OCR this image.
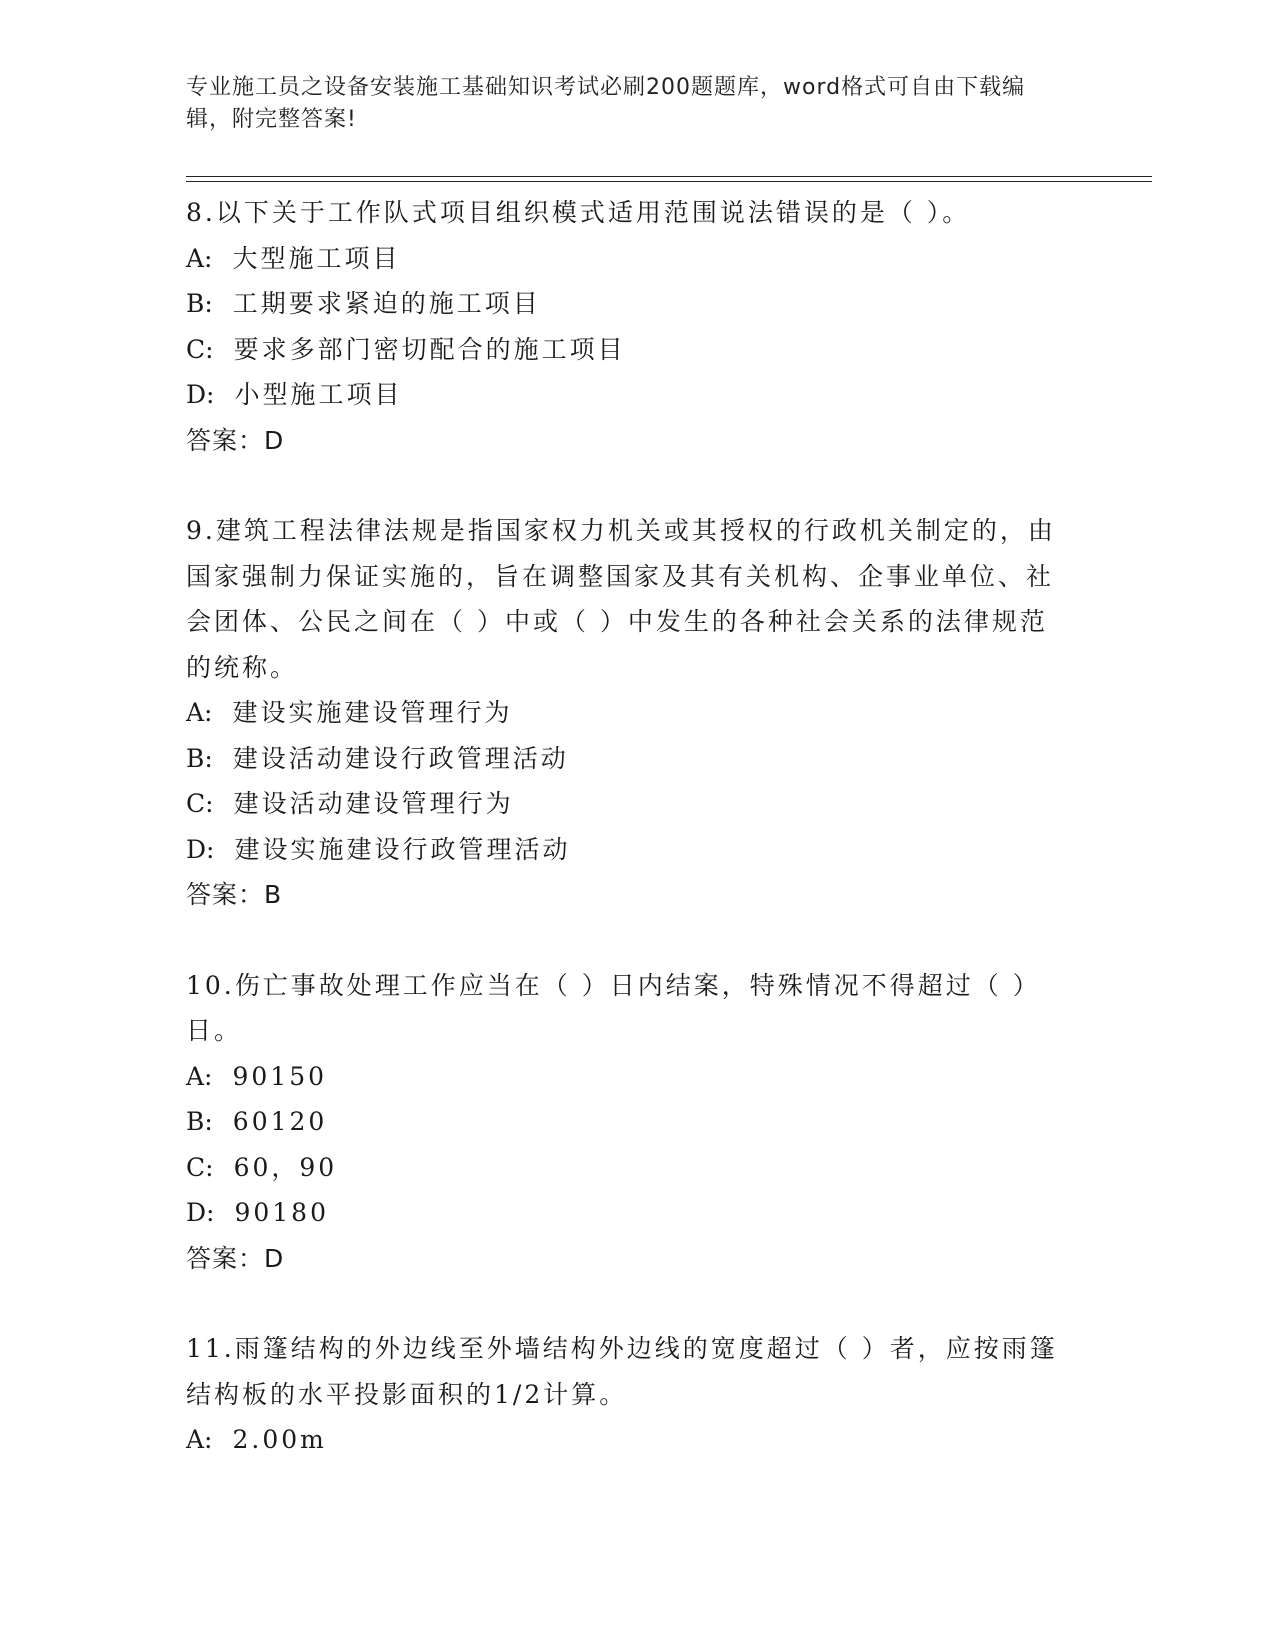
专业施工员之设备安装施工基础知识考试必刷200题题库，word格式可自由下载编辑，附完整答案!

8.以下关于工作队式项目组织模式适用范围说法错误的是（ ）。

A: 大型施工项目

B: 工期要求紧迫的施工项目

C: 要求多部门密切配合的施工项目

D: 小型施工项目

答案：D

9.建筑工程法律法规是指国家权力机关或其授权的行政机关制定的，由国家强制力保证实施的，旨在调整国家及其有关机构、企事业单位、社会团体、公民之间在（ ）中或（ ）中发生的各种社会关系的法律规范的统称。

A: 建设实施建设管理行为

B: 建设活动建设行政管理活动

C: 建设活动建设管理行为

D: 建设实施建设行政管理活动

答案：B

10.伤亡事故处理工作应当在（ ）日内结案，特殊情况不得超过（ ）日。

A: 90150

B: 60120

C: 60，90

D: 90180

答案：D

11.雨篷结构的外边线至外墙结构外边线的宽度超过（ ）者，应按雨篷结构板的水平投影面积的1/2计算。

A: 2.00m
